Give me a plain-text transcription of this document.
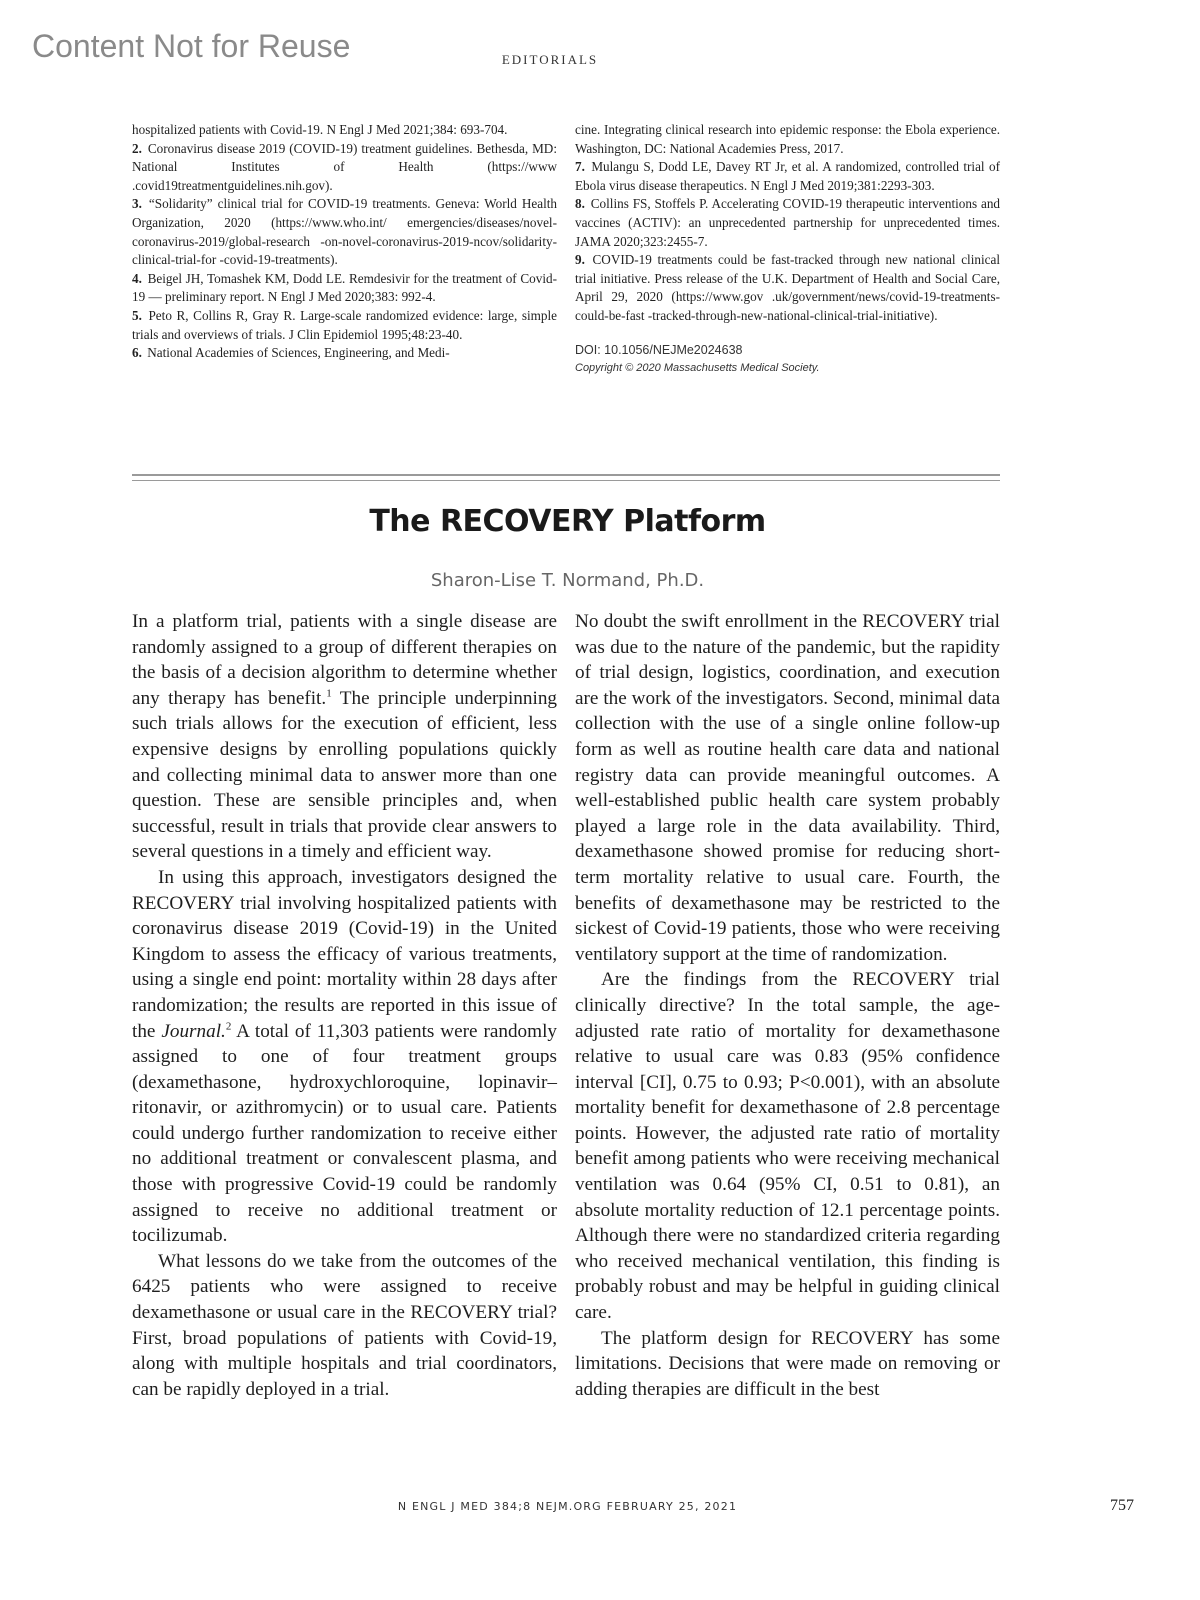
Content Not for Reuse	EDITORIALS

hospitalized patients with Covid-19. N Engl J Med 2021;384: 693-704.

2. Coronavirus disease 2019 (COVID-19) treatment guidelines. Bethesda, MD: National Institutes of Health (https://www .covid19treatmentguidelines.nih.gov).

3. “Solidarity” clinical trial for COVID-19 treatments. Geneva: World Health Organization, 2020 (https://www.who.int/ emergencies/diseases/novel-coronavirus-2019/global-research -on-novel-coronavirus-2019-ncov/solidarity-clinical-trial-for -covid-19-treatments).

4. Beigel JH, Tomashek KM, Dodd LE. Remdesivir for the treatment of Covid-19 — preliminary report. N Engl J Med 2020;383: 992-4.

5. Peto R, Collins R, Gray R. Large-scale randomized evidence: large, simple trials and overviews of trials. J Clin Epidemiol 1995;48:23-40.

6. National Academies of Sciences, Engineering, and Medi-

cine. Integrating clinical research into epidemic response: the Ebola experience. Washington, DC: National Academies Press, 2017.

7. Mulangu S, Dodd LE, Davey RT Jr, et al. A randomized, controlled trial of Ebola virus disease therapeutics. N Engl J Med 2019;381:2293-303.

8. Collins FS, Stoffels P. Accelerating COVID-19 therapeutic interventions and vaccines (ACTIV): an unprecedented partnership for unprecedented times. JAMA 2020;323:2455-7.

9. COVID-19 treatments could be fast-tracked through new national clinical trial initiative. Press release of the U.K. Department of Health and Social Care, April 29, 2020 (https://www.gov .uk/government/news/covid-19-treatments-could-be-fast -tracked-through-new-national-clinical-trial-initiative).

DOI: 10.1056/NEJMe2024638
Copyright © 2020 Massachusetts Medical Society.
The RECOVERY Platform
Sharon-Lise T. Normand, Ph.D.

In a platform trial, patients with a single disease are randomly assigned to a group of different therapies on the basis of a decision algorithm to determine whether any therapy has benefit.$^1$ The principle underpinning such trials allows for the execution of efficient, less expensive designs by enrolling populations quickly and collecting minimal data to answer more than one question. These are sensible principles and, when successful, result in trials that provide clear answers to several questions in a timely and efficient way.

In using this approach, investigators designed the RECOVERY trial involving hospitalized patients with coronavirus disease 2019 (Covid-19) in the United Kingdom to assess the efficacy of various treatments, using a single end point: mortality within 28 days after randomization; the results are reported in this issue of the Journal.$^2$ A total of 11,303 patients were randomly assigned to one of four treatment groups (dexamethasone, hydroxychloroquine, lopinavir–ritonavir, or azithromycin) or to usual care. Patients could undergo further randomization to receive either no additional treatment or convalescent plasma, and those with progressive Covid-19 could be randomly assigned to receive no additional treatment or tocilizumab.

What lessons do we take from the outcomes of the 6425 patients who were assigned to receive dexamethasone or usual care in the RECOVERY trial? First, broad populations of patients with Covid-19, along with multiple hospitals and trial coordinators, can be rapidly deployed in a trial.

No doubt the swift enrollment in the RECOVERY trial was due to the nature of the pandemic, but the rapidity of trial design, logistics, coordination, and execution are the work of the investigators. Second, minimal data collection with the use of a single online follow-up form as well as routine health care data and national registry data can provide meaningful outcomes. A well-established public health care system probably played a large role in the data availability. Third, dexamethasone showed promise for reducing short-term mortality relative to usual care. Fourth, the benefits of dexamethasone may be restricted to the sickest of Covid-19 patients, those who were receiving ventilatory support at the time of randomization.

Are the findings from the RECOVERY trial clinically directive? In the total sample, the age-adjusted rate ratio of mortality for dexamethasone relative to usual care was 0.83 (95% confidence interval [CI], 0.75 to 0.93; P<0.001), with an absolute mortality benefit for dexamethasone of 2.8 percentage points. However, the adjusted rate ratio of mortality benefit among patients who were receiving mechanical ventilation was 0.64 (95% CI, 0.51 to 0.81), an absolute mortality reduction of 12.1 percentage points. Although there were no standardized criteria regarding who received mechanical ventilation, this finding is probably robust and may be helpful in guiding clinical care.

The platform design for RECOVERY has some limitations. Decisions that were made on removing or adding therapies are difficult in the best

N ENGL J MED 384;8 NEJM.ORG FEBRUARY 25, 2021	757
